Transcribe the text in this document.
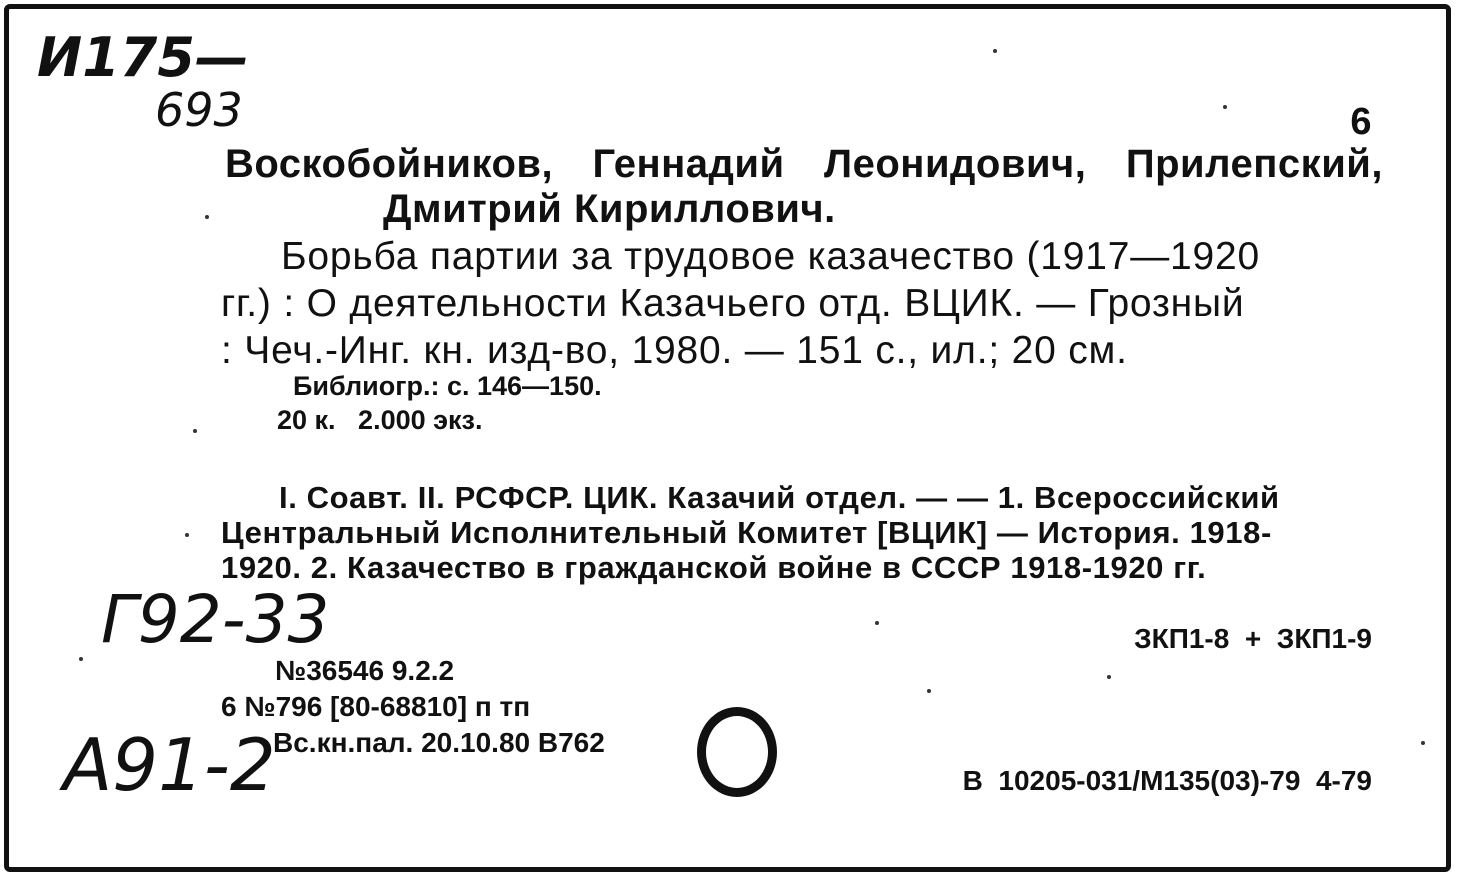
И175—
693
Г92-33
А91-2
6
Воскобойников, Геннадий Леонидович, Прилепский,
Дмитрий Кириллович.
Борьба партии за трудовое казачество (1917—1920
гг.) : О деятельности Казачьего отд. ВЦИК. — Грозный
: Чеч.-Инг. кн. изд-во, 1980. — 151 с., ил.; 20 см.
Библиогр.: с. 146—150.
20 к.   2.000 экз.
I. Соавт. II. РСФСР. ЦИК. Казачий отдел. — — 1. Всероссийский
Центральный Исполнительный Комитет [ВЦИК] — История. 1918-
1920. 2. Казачество в гражданской войне в СССР 1918-1920 гг.
ЗКП1-8  +  ЗКП1-9
№36546 9.2.2
6 №796 [80-68810] п тп
Вс.кн.пал. 20.10.80 В762
В  10205-031/М135(03)-79  4-79
